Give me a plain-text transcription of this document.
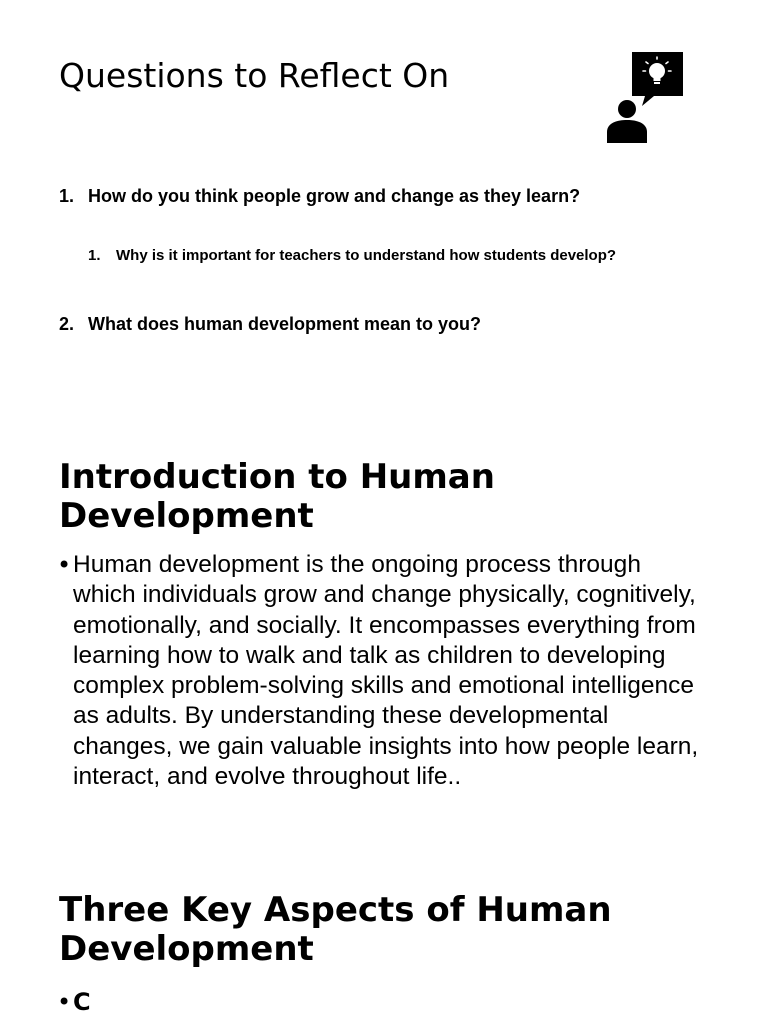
Questions to Reflect On
1. How do you think people grow and change as they learn?
1.	Why is it important for teachers to understand how students develop?
2. What does human development mean to you?
Introduction to Human Development
• Human development is the ongoing process through which individuals grow and change physically, cognitively, emotionally, and socially. It encompasses everything from learning how to walk and talk as children to developing complex problem-solving skills and emotional intelligence as adults. By understanding these developmental changes, we gain valuable insights into how people learn, interact, and evolve throughout life..
Three Key Aspects of Human Development
• C
